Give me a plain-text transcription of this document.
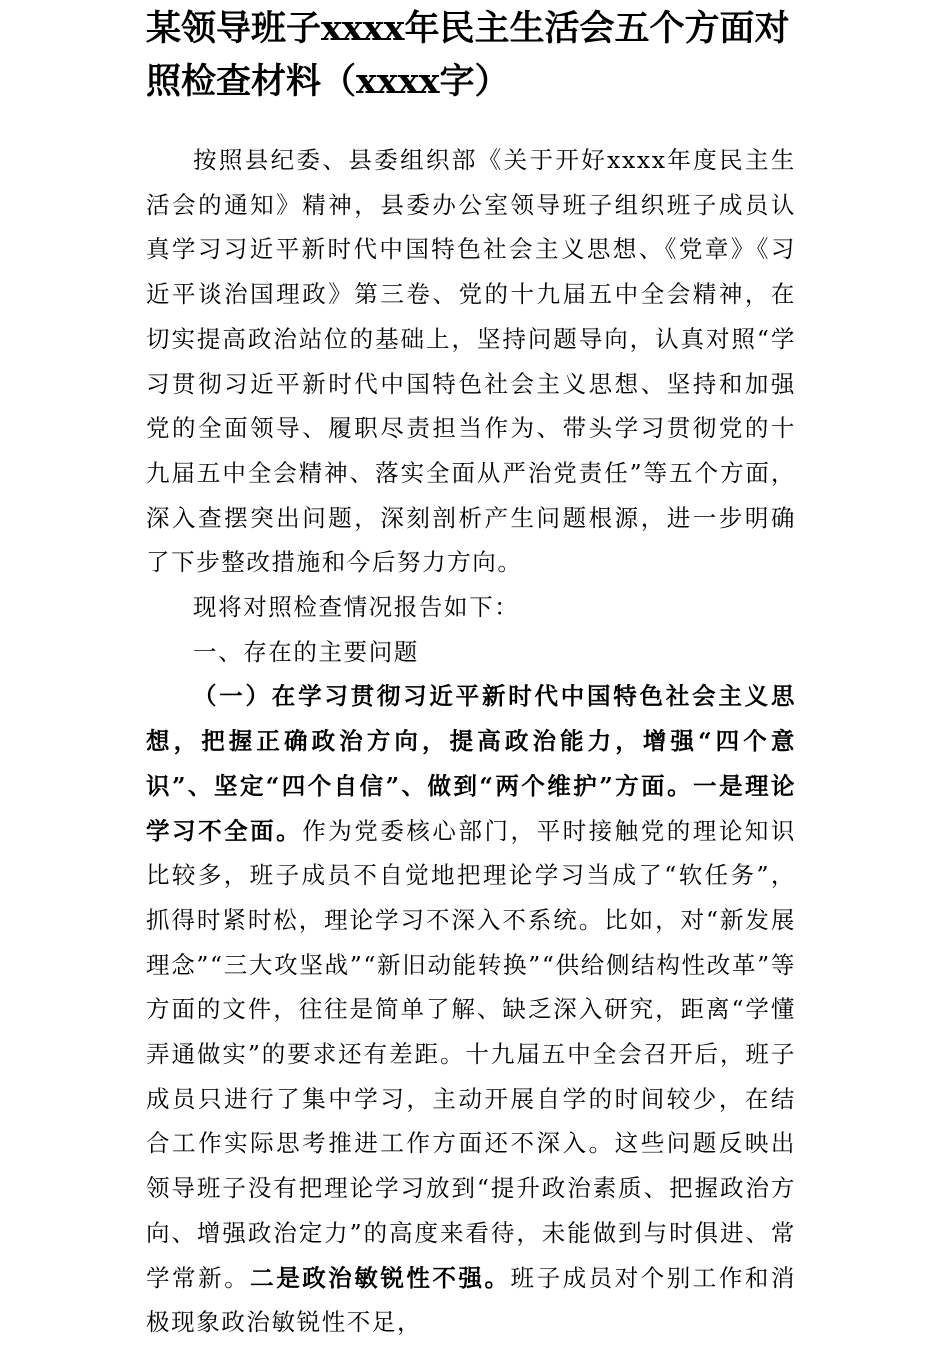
某领导班子xxxx年民主生活会五个方面对照检查材料（xxxx字）

按照县纪委、县委组织部《关于开好xxxx年度民主生活会的通知》精神，县委办公室领导班子组织班子成员认真学习习近平新时代中国特色社会主义思想、《党章》《习近平谈治国理政》第三卷、党的十九届五中全会精神，在切实提高政治站位的基础上，坚持问题导向，认真对照“学习贯彻习近平新时代中国特色社会主义思想、坚持和加强党的全面领导、履职尽责担当作为、带头学习贯彻党的十九届五中全会精神、落实全面从严治党责任”等五个方面，深入查摆突出问题，深刻剖析产生问题根源，进一步明确了下步整改措施和今后努力方向。

现将对照检查情况报告如下：

一、存在的主要问题

（一）在学习贯彻习近平新时代中国特色社会主义思想，把握正确政治方向，提高政治能力，增强“四个意识”、坚定“四个自信”、做到“两个维护”方面。一是理论学习不全面。作为党委核心部门，平时接触党的理论知识比较多，班子成员不自觉地把理论学习当成了“软任务”，抓得时紧时松，理论学习不深入不系统。比如，对“新发展理念”“三大攻坚战”“新旧动能转换”“供给侧结构性改革”等方面的文件，往往是简单了解、缺乏深入研究，距离“学懂弄通做实”的要求还有差距。十九届五中全会召开后，班子成员只进行了集中学习，主动开展自学的时间较少，在结合工作实际思考推进工作方面还不深入。这些问题反映出领导班子没有把理论学习放到“提升政治素质、把握政治方向、增强政治定力”的高度来看待，未能做到与时俱进、常学常新。二是政治敏锐性不强。班子成员对个别工作和消极现象政治敏锐性不足，
